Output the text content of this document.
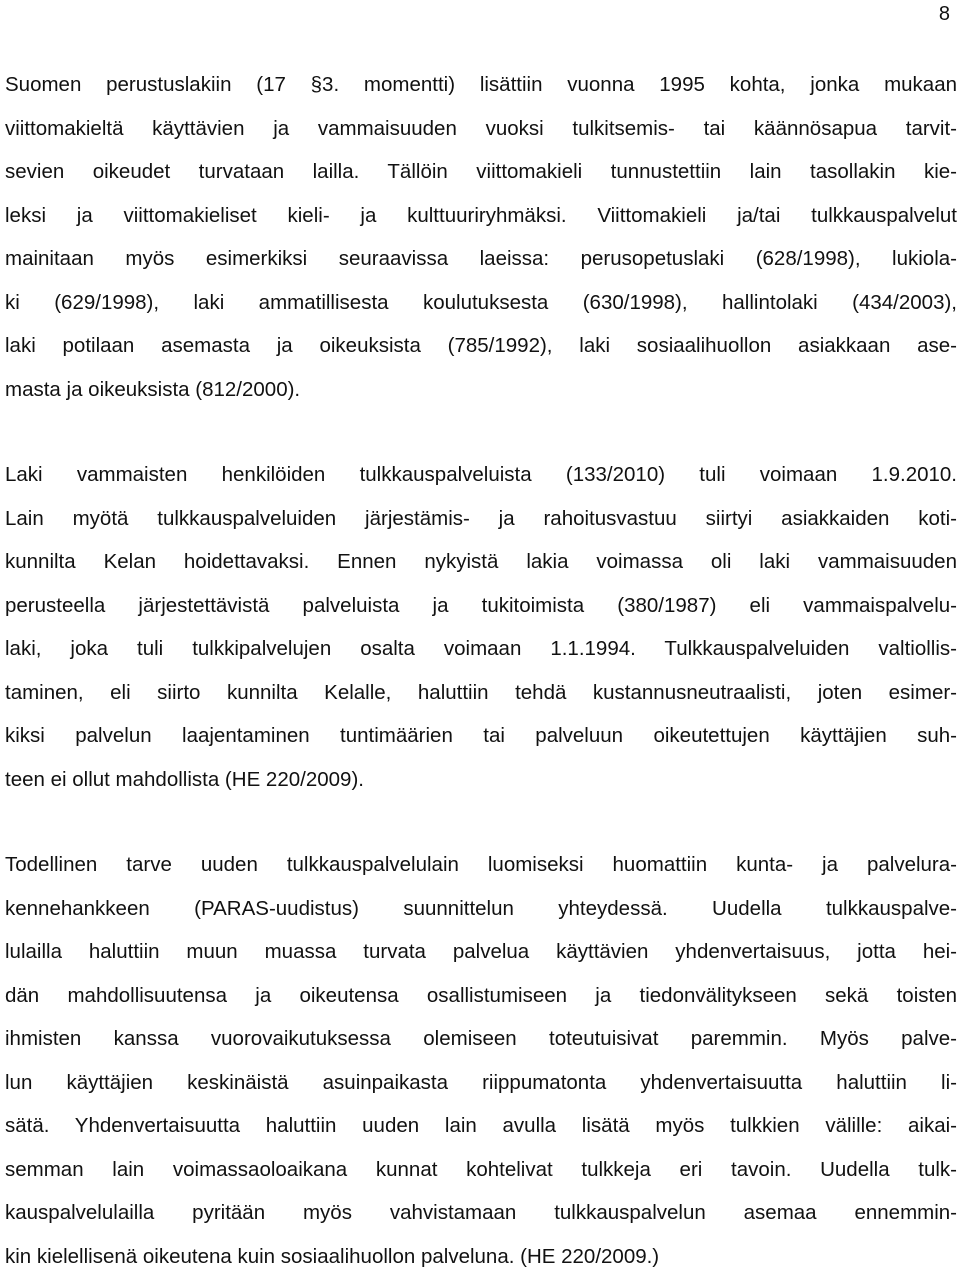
8
Suomen perustuslakiin (17 §3. momentti) lisättiin vuonna 1995 kohta, jonka mukaan
viittomakieltä käyttävien ja vammaisuuden vuoksi tulkitsemis- tai käännösapua tarvit-
sevien oikeudet turvataan lailla. Tällöin viittomakieli tunnustettiin lain tasollakin kie-
leksi ja viittomakieliset kieli- ja kulttuuriryhmäksi. Viittomakieli ja/tai tulkkauspalvelut
mainitaan myös esimerkiksi seuraavissa laeissa: perusopetuslaki (628/1998), lukiola-
ki (629/1998), laki ammatillisesta koulutuksesta (630/1998), hallintolaki (434/2003),
laki potilaan asemasta ja oikeuksista (785/1992), laki sosiaalihuollon asiakkaan ase-
masta ja oikeuksista (812/2000).
Laki vammaisten henkilöiden tulkkauspalveluista (133/2010) tuli voimaan 1.9.2010.
Lain myötä tulkkauspalveluiden järjestämis- ja rahoitusvastuu siirtyi asiakkaiden koti-
kunnilta Kelan hoidettavaksi. Ennen nykyistä lakia voimassa oli laki vammaisuuden
perusteella järjestettävistä palveluista ja tukitoimista (380/1987) eli vammaispalvelu-
laki, joka tuli tulkkipalvelujen osalta voimaan 1.1.1994. Tulkkauspalveluiden valtiollis-
taminen, eli siirto kunnilta Kelalle, haluttiin tehdä kustannusneutraalisti, joten esimer-
kiksi palvelun laajentaminen tuntimäärien tai palveluun oikeutettujen käyttäjien suh-
teen ei ollut mahdollista (HE 220/2009).
Todellinen tarve uuden tulkkauspalvelulain luomiseksi huomattiin kunta- ja palvelura-
kennehankkeen (PARAS-uudistus) suunnittelun yhteydessä. Uudella tulkkauspalve-
lulailla haluttiin muun muassa turvata palvelua käyttävien yhdenvertaisuus, jotta hei-
dän mahdollisuutensa ja oikeutensa osallistumiseen ja tiedonvälitykseen sekä toisten
ihmisten kanssa vuorovaikutuksessa olemiseen toteutuisivat paremmin. Myös palve-
lun käyttäjien keskinäistä asuinpaikasta riippumatonta yhdenvertaisuutta haluttiin li-
sätä. Yhdenvertaisuutta haluttiin uuden lain avulla lisätä myös tulkkien välille: aikai-
semman lain voimassaoloaikana kunnat kohtelivat tulkkeja eri tavoin. Uudella tulk-
kauspalvelulailla pyritään myös vahvistamaan tulkkauspalvelun asemaa ennemmin-
kin kielellisenä oikeutena kuin sosiaalihuollon palveluna. (HE 220/2009.)
